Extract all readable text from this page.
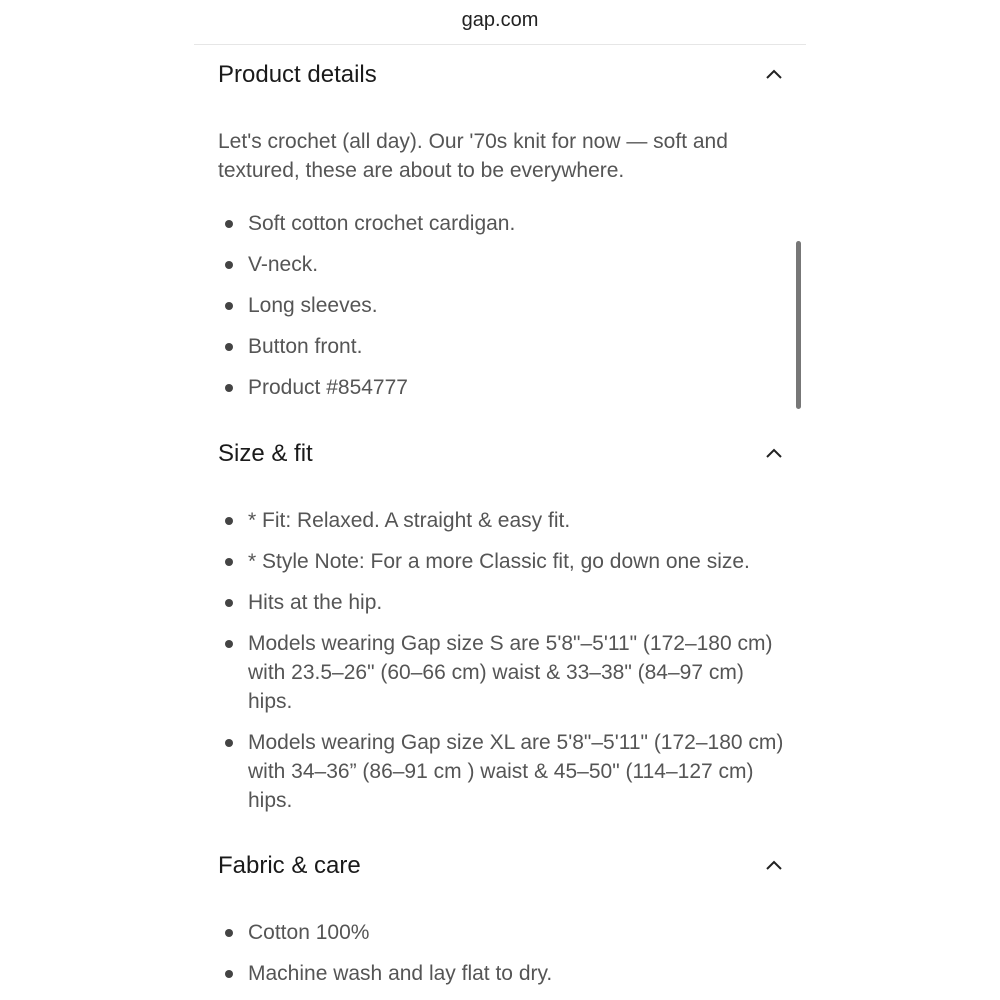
gap.com
Product details

Let's crochet (all day). Our '70s knit for now — soft and textured, these are about to be everywhere.

Soft cotton crochet cardigan.
V-neck.
Long sleeves.
Button front.
Product #854777
Size & fit
* Fit: Relaxed. A straight & easy fit.
* Style Note: For a more Classic fit, go down one size.
Hits at the hip.
Models wearing Gap size S are 5'8"–5'11" (172–180 cm) with 23.5–26" (60–66 cm) waist & 33–38" (84–97 cm) hips.
Models wearing Gap size XL are 5'8"–5'11" (172–180 cm) with 34–36” (86–91 cm ) waist & 45–50" (114–127 cm) hips.
Fabric & care
Cotton 100%
Machine wash and lay flat to dry.
